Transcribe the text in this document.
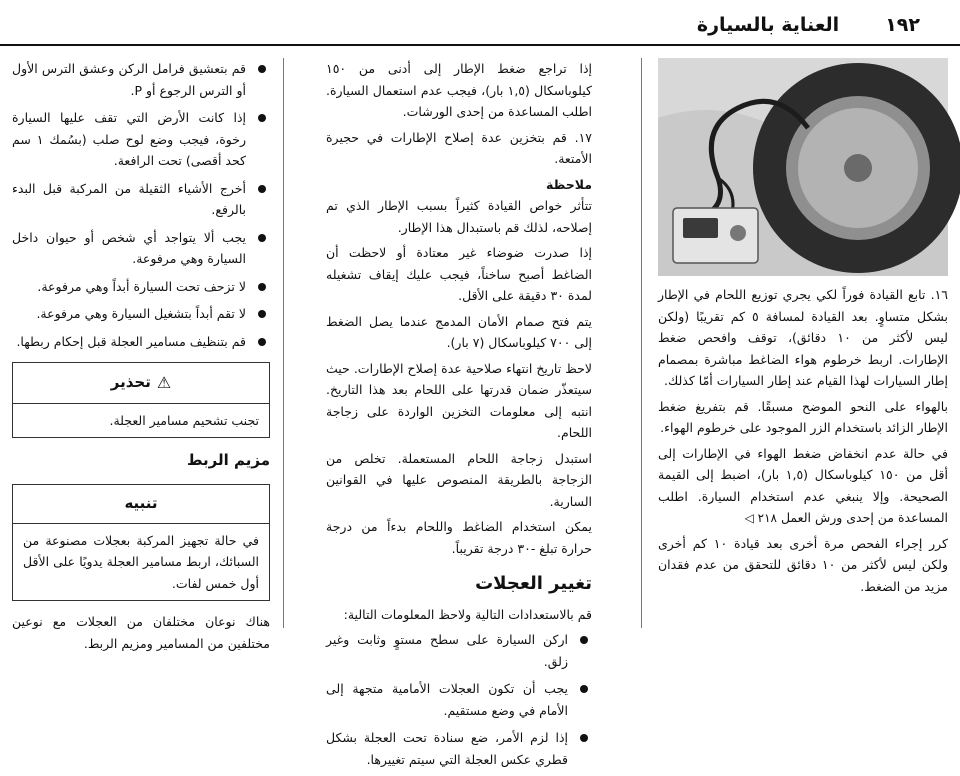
١٩٢
العناية بالسيارة

١٦. تابع القيادة فوراً لكي يجري توزيع اللحام في الإطار بشكل متساوٍ. بعد القيادة لمسافة ٥ كم تقريبًا (ولكن ليس لأكثر من ١٠ دقائق)، توقف وافحص ضغط الإطارات. اربط خرطوم هواء الضاغط مباشرة بمصمام إطار السيارات لهذا القيام عند إطار السيارات أمّا كذلك.

بالهواء على النحو الموضح مسبقًا. قم بتفريغ ضغط الإطار الزائد باستخدام الزر الموجود على خرطوم الهواء.

في حالة عدم انخفاض ضغط الهواء في الإطارات إلى أقل من ١٥٠ كيلوباسكال (١,٥ بار)، اضبط إلى القيمة الصحيحة. وإلا ينبغي عدم استخدام السيارة. اطلب المساعدة من إحدى ورش العمل ٢١٨ ◁

كرر إجراء الفحص مرة أخرى بعد قيادة ١٠ كم أخرى ولكن ليس لأكثر من ١٠ دقائق للتحقق من عدم فقدان مزيد من الضغط.

إذا تراجع ضغط الإطار إلى أدنى من ١٥٠ كيلوباسكال (١,٥ بار)، فيجب عدم استعمال السيارة. اطلب المساعدة من إحدى الورشات.

١٧. قم بتخزين عدة إصلاح الإطارات في حجيرة الأمتعة.

ملاحظة

تتأثر خواص القيادة كثيراً بسبب الإطار الذي تم إصلاحه، لذلك قم باستبدال هذا الإطار.

إذا صدرت ضوضاء غير معتادة أو لاحظت أن الضاغط أصبح ساخناً، فيجب عليك إيقاف تشغيله لمدة ٣٠ دقيقة على الأقل.

يتم فتح صمام الأمان المدمج عندما يصل الضغط إلى ٧٠٠ كيلوباسكال (٧ بار).

لاحظ تاريخ انتهاء صلاحية عدة إصلاح الإطارات. حيث سيتعذّر ضمان قدرتها على اللحام بعد هذا التاريخ. انتبه إلى معلومات التخزين الواردة على زجاجة اللحام.

استبدل زجاجة اللحام المستعملة. تخلص من الزجاجة بالطريقة المنصوص عليها في القوانين السارية.

يمكن استخدام الضاغط واللحام بدءاً من درجة حرارة تبلغ -٣٠ درجة تقريباً.

تغيير العجلات

قم بالاستعدادات التالية ولاحظ المعلومات التالية:

اركن السيارة على سطح مستوٍ وثابت وغير زلق.
يجب أن تكون العجلات الأمامية متجهة إلى الأمام في وضع مستقيم.
إذا لزم الأمر، ضع سنادة تحت العجلة بشكل قطري عكس العجلة التي سيتم تغييرها.
قم بتعشيق فرامل الركن وعشق الترس الأول أو الترس الرجوع أو P.
إذا كانت الأرض التي تقف عليها السيارة رخوة، فيجب وضع لوح صلب (بسُمك ١ سم كحد أقصى) تحت الرافعة.
أخرج الأشياء الثقيلة من المركبة قبل البدء بالرفع.
يجب ألا يتواجد أي شخص أو حيوان داخل السيارة وهي مرفوعة.
لا تزحف تحت السيارة أبداً وهي مرفوعة.
لا تقم أبداً بتشغيل السيارة وهي مرفوعة.
قم بتنظيف مسامير العجلة قبل إحكام ربطها.
⚠
تحذير
تجنب تشحيم مسامير العجلة.
مزيم الربط
تنبيه
في حالة تجهيز المركبة بعجلات مصنوعة من السبائك، اربط مسامير العجلة يدويًا على الأقل أول خمس لفات.

هناك نوعان مختلفان من العجلات مع نوعين مختلفين من المسامير ومزيم الربط.
